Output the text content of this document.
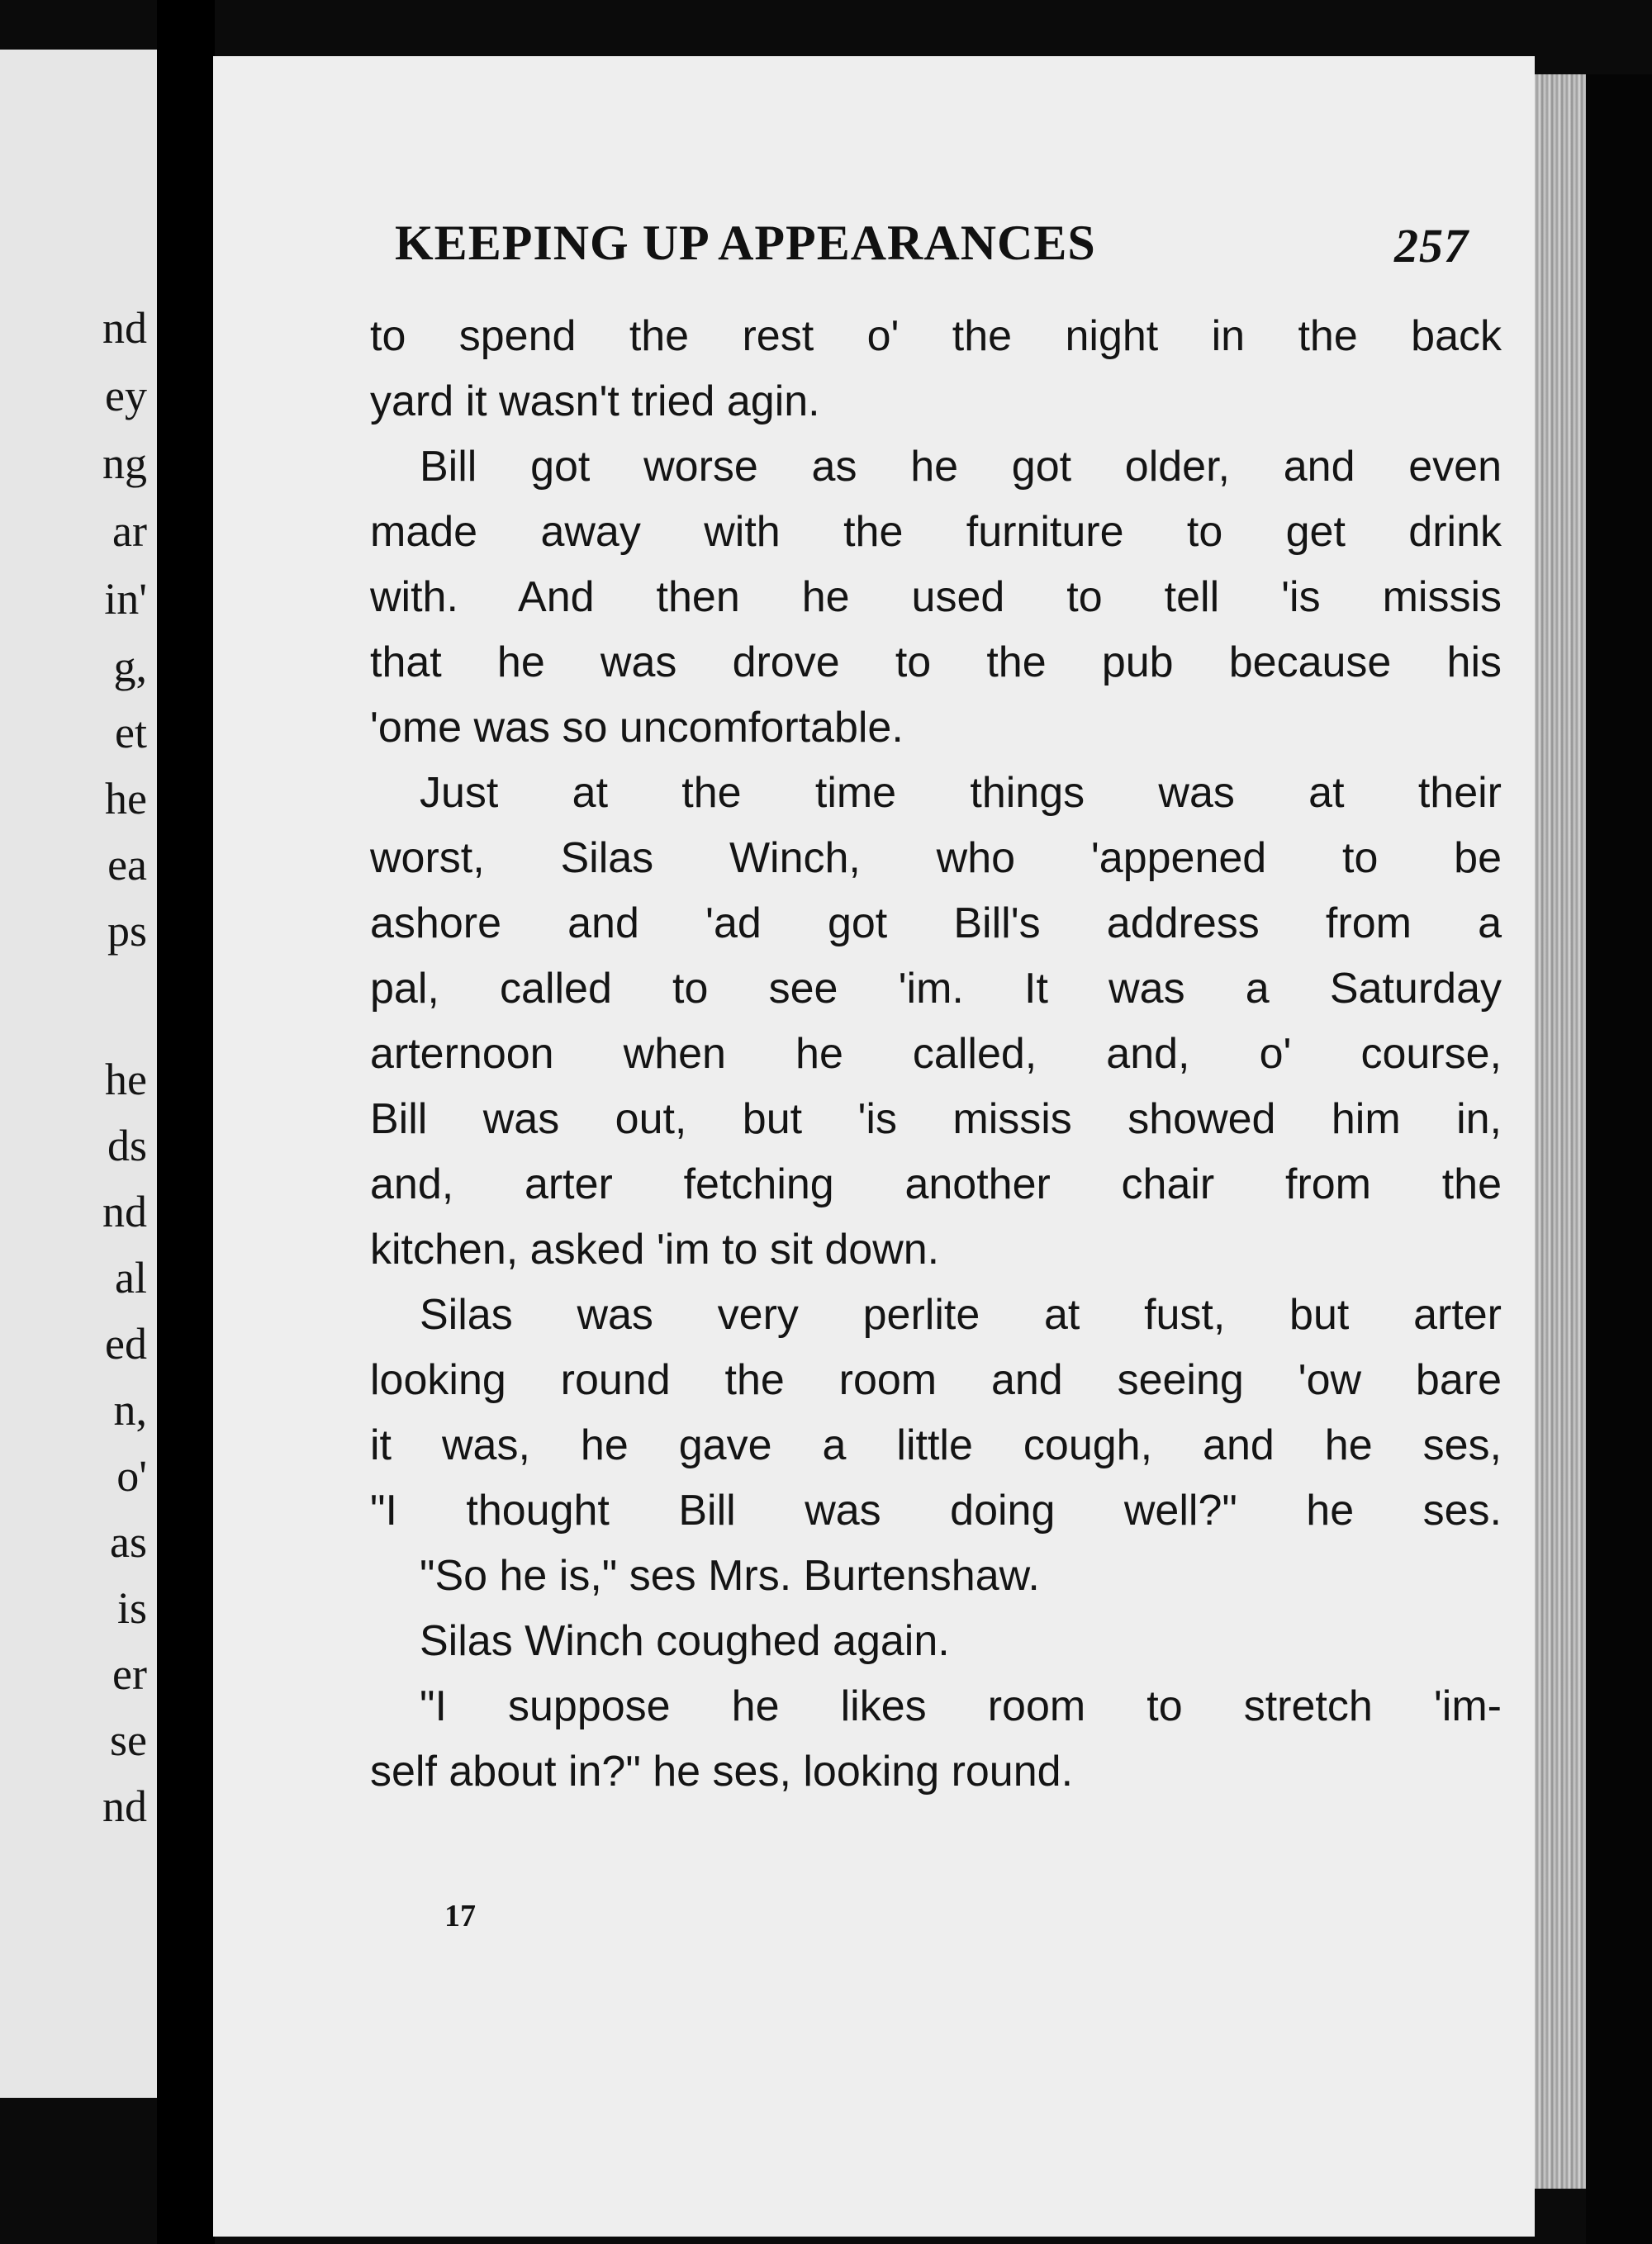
nd
ey
ng
ar
in'
g,
et
he
ea
ps
he
ds
nd
al
ed
n,
o'
as
is
er
se
nd
KEEPING UP APPEARANCES	257
to spend the rest o' the night in the back
yard it wasn't tried agin.
Bill got worse as he got older, and even
made away with the furniture to get drink
with. And then he used to tell 'is missis
that he was drove to the pub because his
'ome was so uncomfortable.
Just at the time things was at their
worst, Silas Winch, who 'appened to be
ashore and 'ad got Bill's address from a
pal, called to see 'im. It was a Saturday
arternoon when he called, and, o' course,
Bill was out, but 'is missis showed him in,
and, arter fetching another chair from the
kitchen, asked 'im to sit down.
Silas was very perlite at fust, but arter
looking round the room and seeing 'ow bare
it was, he gave a little cough, and he ses,
"I thought Bill was doing well?" he ses.
"So he is," ses Mrs. Burtenshaw.
Silas Winch coughed again.
"I suppose he likes room to stretch 'im-
self about in?" he ses, looking round.
17
